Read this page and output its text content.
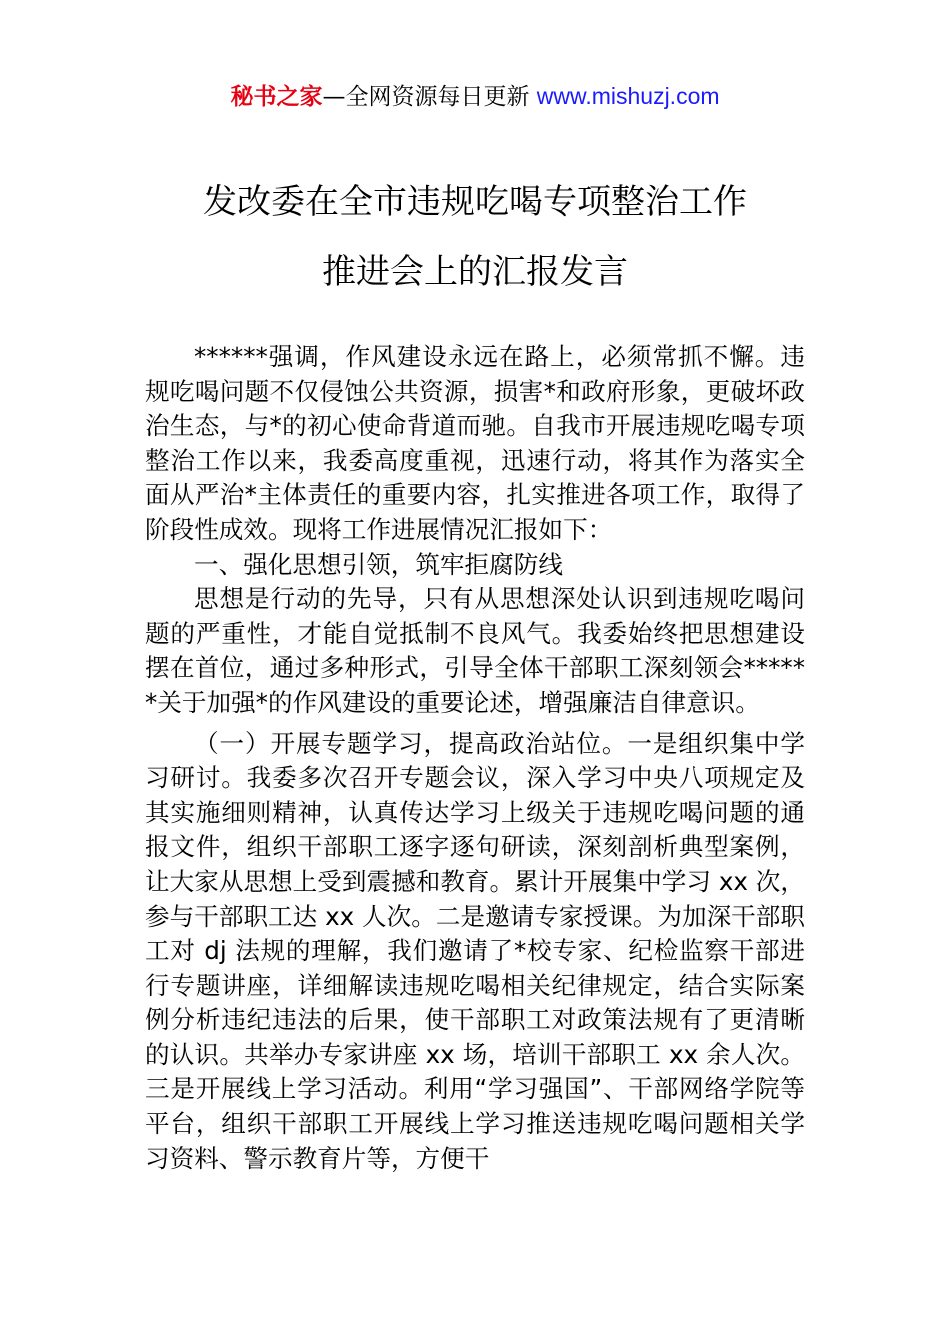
秘书之家—全网资源每日更新 www.mishuzj.com
发改委在全市违规吃喝专项整治工作
推进会上的汇报发言

******强调，作风建设永远在路上，必须常抓不懈。违规吃喝问题不仅侵蚀公共资源，损害*和政府形象，更破坏政治生态，与*的初心使命背道而驰。自我市开展违规吃喝专项整治工作以来，我委高度重视，迅速行动，将其作为落实全面从严治*主体责任的重要内容，扎实推进各项工作，取得了阶段性成效。现将工作进展情况汇报如下：

一、强化思想引领，筑牢拒腐防线

思想是行动的先导，只有从思想深处认识到违规吃喝问题的严重性，才能自觉抵制不良风气。我委始终把思想建设摆在首位，通过多种形式，引导全体干部职工深刻领会******关于加强*的作风建设的重要论述，增强廉洁自律意识。

（一）开展专题学习，提高政治站位。一是组织集中学习研讨。我委多次召开专题会议，深入学习中央八项规定及其实施细则精神，认真传达学习上级关于违规吃喝问题的通报文件，组织干部职工逐字逐句研读，深刻剖析典型案例，让大家从思想上受到震撼和教育。累计开展集中学习 xx 次，参与干部职工达 xx 人次。二是邀请专家授课。为加深干部职工对 dj 法规的理解，我们邀请了*校专家、纪检监察干部进行专题讲座，详细解读违规吃喝相关纪律规定，结合实际案例分析违纪违法的后果，使干部职工对政策法规有了更清晰的认识。共举办专家讲座 xx 场，培训干部职工 xx 余人次。三是开展线上学习活动。利用“学习强国”、干部网络学院等平台，组织干部职工开展线上学习推送违规吃喝问题相关学习资料、警示教育片等，方便干
